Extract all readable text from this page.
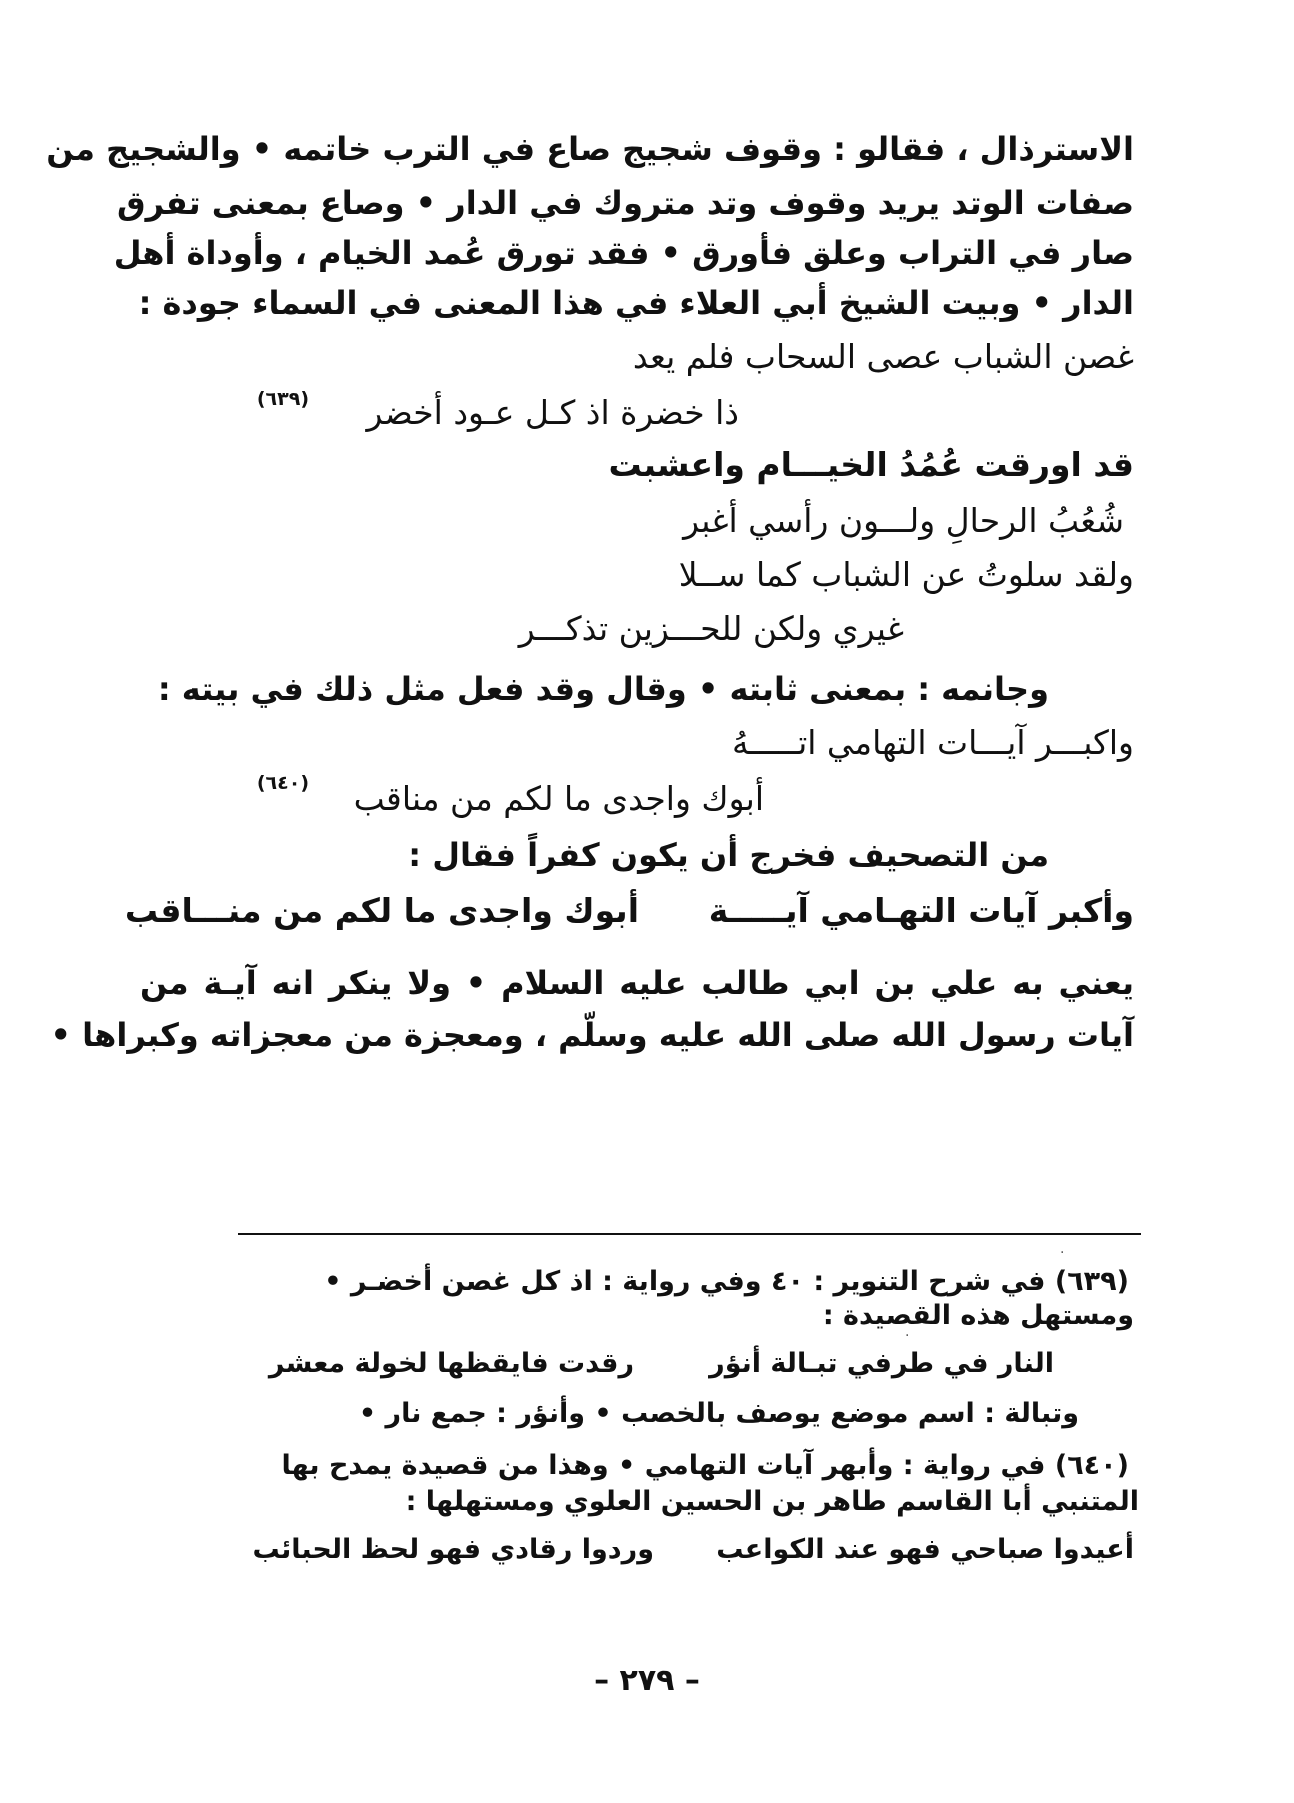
الاسترذال ، فقالو : وقوف شجيج صاع في الترب خاتمه • والشجيج من
صفات الوتد يريد وقوف وتد متروك في الدار • وصاع بمعنى تفرق
صار في التراب وعلق فأورق • فقد تورق عُمد الخيام ، وأوداة أهل
الدار • وبيت الشيخ أبي العلاء في هذا المعنى في السماء جودة :
غصن الشباب عصى السحاب فلم يعد
ذا خضرة اذ كـل عـود أخضر
(٦٣٩)
قد اورقت عُمُدُ الخيـــام واعشبت
شُعُبُ الرحالِ ولـــون رأسي أغبر
ولقد سلوتُ عن الشباب كما ســلا
غيري ولكن للحـــزين تذكـــر
وجانمه : بمعنى ثابته • وقال وقد فعل مثل ذلك في بيته :
واكبـــر آيـــات التهامي اتـــــهُ
أبوك واجدى ما لكم من مناقب
(٦٤٠)
من التصحيف فخرج أن يكون كفراً فقال :
وأكبر آيات التهـامي آيـــــة
أبوك واجدى ما لكم من منـــاقب
يعني به علي بن ابي طالب عليه السلام • ولا ينكر انه آيـة من
آيات رسول الله صلى الله عليه وسلّم ، ومعجزة من معجزاته وكبراها •
(٦٣٩) في شرح التنوير : ٤٠ وفي رواية : اذ كل غصن أخضـر •
ومستهل هذه القصيدة :
النار في طرفي تبـالة أنؤر
رقدت فايقظها لخولة معشر
وتبالة : اسم موضع يوصف بالخصب • وأنؤر : جمع نار •
(٦٤٠) في رواية : وأبهر آيات التهامي • وهذا من قصيدة يمدح بها
المتنبي أبا القاسم طاهر بن الحسين العلوي ومستهلها :
أعيدوا صباحي فهو عند الكواعب
وردوا رقادي فهو لحظ الحبائب
– ٢٧٩ –
·
·
